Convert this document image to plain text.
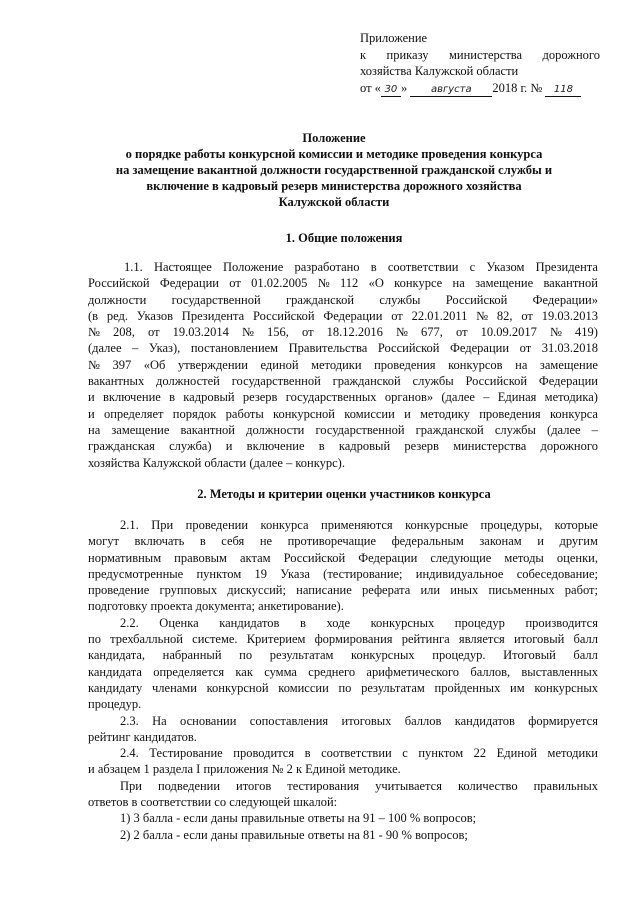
Приложение
к приказу министерства дорожного
хозяйства Калужской области
от « 30 » августа 2018 г. № 118
Положение
о порядке работы конкурсной комиссии и методике проведения конкурса
на замещение вакантной должности государственной гражданской службы и
включение в кадровый резерв министерства дорожного хозяйства
Калужской области
1. Общие положения
1.1. Настоящее Положение разработано в соответствии с Указом Президента
Российской Федерации от 01.02.2005 № 112 «О конкурсе на замещение вакантной
должности государственной гражданской службы Российской Федерации»
(в ред. Указов Президента Российской Федерации от 22.01.2011 № 82, от 19.03.2013
№ 208, от 19.03.2014 № 156, от 18.12.2016 № 677, от 10.09.2017 № 419)
(далее – Указ), постановлением Правительства Российской Федерации от 31.03.2018
№ 397 «Об утверждении единой методики проведения конкурсов на замещение
вакантных должностей государственной гражданской службы Российской Федерации
и включение в кадровый резерв государственных органов» (далее – Единая методика)
и определяет порядок работы конкурсной комиссии и методику проведения конкурса
на замещение вакантной должности государственной гражданской службы (далее –
гражданская служба) и включение в кадровый резерв министерства дорожного
хозяйства Калужской области (далее – конкурс).
2. Методы и критерии оценки участников конкурса
2.1. При проведении конкурса применяются конкурсные процедуры, которые
могут включать в себя не противоречащие федеральным законам и другим
нормативным правовым актам Российской Федерации следующие методы оценки,
предусмотренные пунктом 19 Указа (тестирование; индивидуальное собеседование;
проведение групповых дискуссий; написание реферата или иных письменных работ;
подготовку проекта документа; анкетирование).
2.2. Оценка кандидатов в ходе конкурсных процедур производится
по трехбалльной системе. Критерием формирования рейтинга является итоговый балл
кандидата, набранный по результатам конкурсных процедур. Итоговый балл
кандидата определяется как сумма среднего арифметического баллов, выставленных
кандидату членами конкурсной комиссии по результатам пройденных им конкурсных
процедур.
2.3. На основании сопоставления итоговых баллов кандидатов формируется
рейтинг кандидатов.
2.4. Тестирование проводится в соответствии с пунктом 22 Единой методики
и абзацем 1 раздела I приложения № 2 к Единой методике.
При подведении итогов тестирования учитывается количество правильных
ответов в соответствии со следующей шкалой:
1) 3 балла - если даны правильные ответы на 91 – 100 % вопросов;
2) 2 балла - если даны правильные ответы на 81 - 90 % вопросов;
